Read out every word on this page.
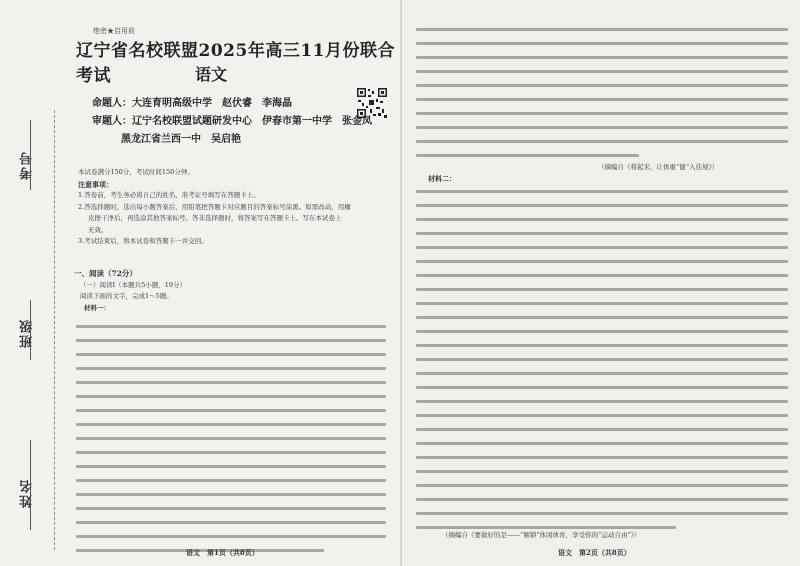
考号
班级
姓名
绝密★启用前
辽宁省名校联盟2025年高三11月份联合考试	语文
命题人：大连育明高级中学　赵伏睿　李海晶
审题人：辽宁名校联盟试题研发中心　伊春市第一中学　张金凤
黑龙江省兰西一中　吴启艳
本试卷满分150分，考试时间150分钟。
注意事项：
1.答卷前，考生务必将自己的姓名、准考证号填写在答题卡上。
2.答选择题时，选出每小题答案后，用铅笔把答题卡对应题目的答案标号涂黑。如需改动，用橡
皮擦干净后，再选涂其他答案标号。答非选择题时，将答案写在答题卡上。写在本试卷上
无效。
3.考试结束后，将本试卷和答题卡一并交回。
一、阅读（72分）
（一）阅读Ⅰ（本题共5小题，19分）
阅读下面的文字，完成1～5题。
材料一：
语文　第1页（共8页）
（摘编自《将起来，让体重“健”入佳境》）
材料二：
（摘编自《要做好的是——“解锁”体闲体育，享受你的“运动自由”》）
语文　第2页（共8页）
